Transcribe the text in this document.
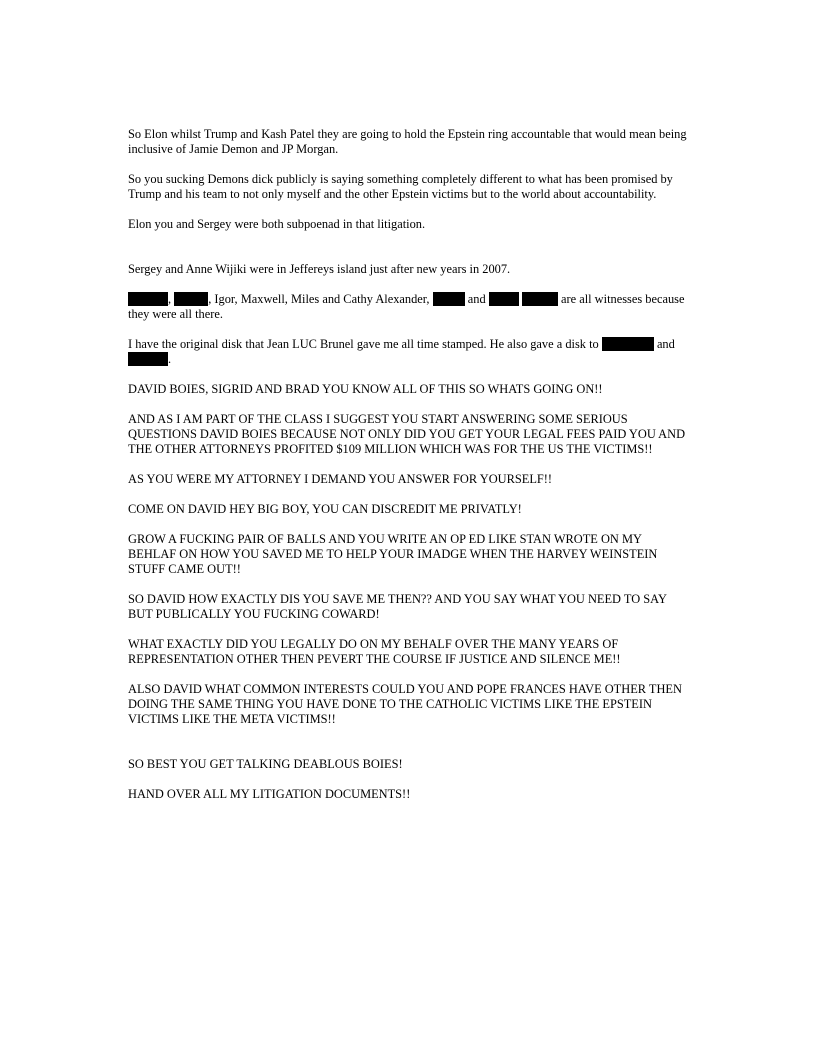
So Elon whilst Trump and Kash Patel they are going to hold the Epstein ring accountable that would mean being inclusive of Jamie Demon and JP Morgan.

So you sucking Demons dick publicly is saying something completely different to what has been promised by Trump and his team to not only myself and the other Epstein victims but to the world about accountability.

Elon you and Sergey were both subpoenad in that litigation.

Sergey and Anne Wijiki were in Jeffereys island just after new years in 2007.

,	, Igor, Maxwell, Miles and Cathy Alexander,	and	are all witnesses because they were all there.

I have the original disk that Jean LUC Brunel gave me all time stamped. He also gave a disk to	and .

DAVID BOIES, SIGRID AND BRAD YOU KNOW ALL OF THIS SO WHATS GOING ON!!

AND AS I AM PART OF THE CLASS I SUGGEST YOU START ANSWERING SOME SERIOUS QUESTIONS DAVID BOIES BECAUSE NOT ONLY DID YOU GET YOUR LEGAL FEES PAID YOU AND THE OTHER ATTORNEYS PROFITED $109 MILLION WHICH WAS FOR THE US THE VICTIMS!!

AS YOU WERE MY ATTORNEY I DEMAND YOU ANSWER FOR YOURSELF!!

COME ON DAVID HEY BIG BOY, YOU CAN DISCREDIT ME PRIVATLY!

GROW A FUCKING PAIR OF BALLS AND YOU WRITE AN OP ED LIKE STAN WROTE ON MY BEHLAF ON HOW YOU SAVED ME TO HELP YOUR IMADGE WHEN THE HARVEY WEINSTEIN STUFF CAME OUT!!

SO DAVID HOW EXACTLY DIS YOU SAVE ME THEN?? AND YOU SAY WHAT YOU NEED TO SAY BUT PUBLICALLY YOU FUCKING COWARD!

WHAT EXACTLY DID YOU LEGALLY DO ON MY BEHALF OVER THE MANY YEARS OF REPRESENTATION OTHER THEN PEVERT THE COURSE IF JUSTICE AND SILENCE ME!!

ALSO DAVID WHAT COMMON INTERESTS COULD YOU AND POPE FRANCES HAVE OTHER THEN DOING THE SAME THING YOU HAVE DONE TO THE CATHOLIC VICTIMS LIKE THE EPSTEIN VICTIMS LIKE THE META VICTIMS!!

SO BEST YOU GET TALKING DEABLOUS BOIES!

HAND OVER ALL MY LITIGATION DOCUMENTS!!
